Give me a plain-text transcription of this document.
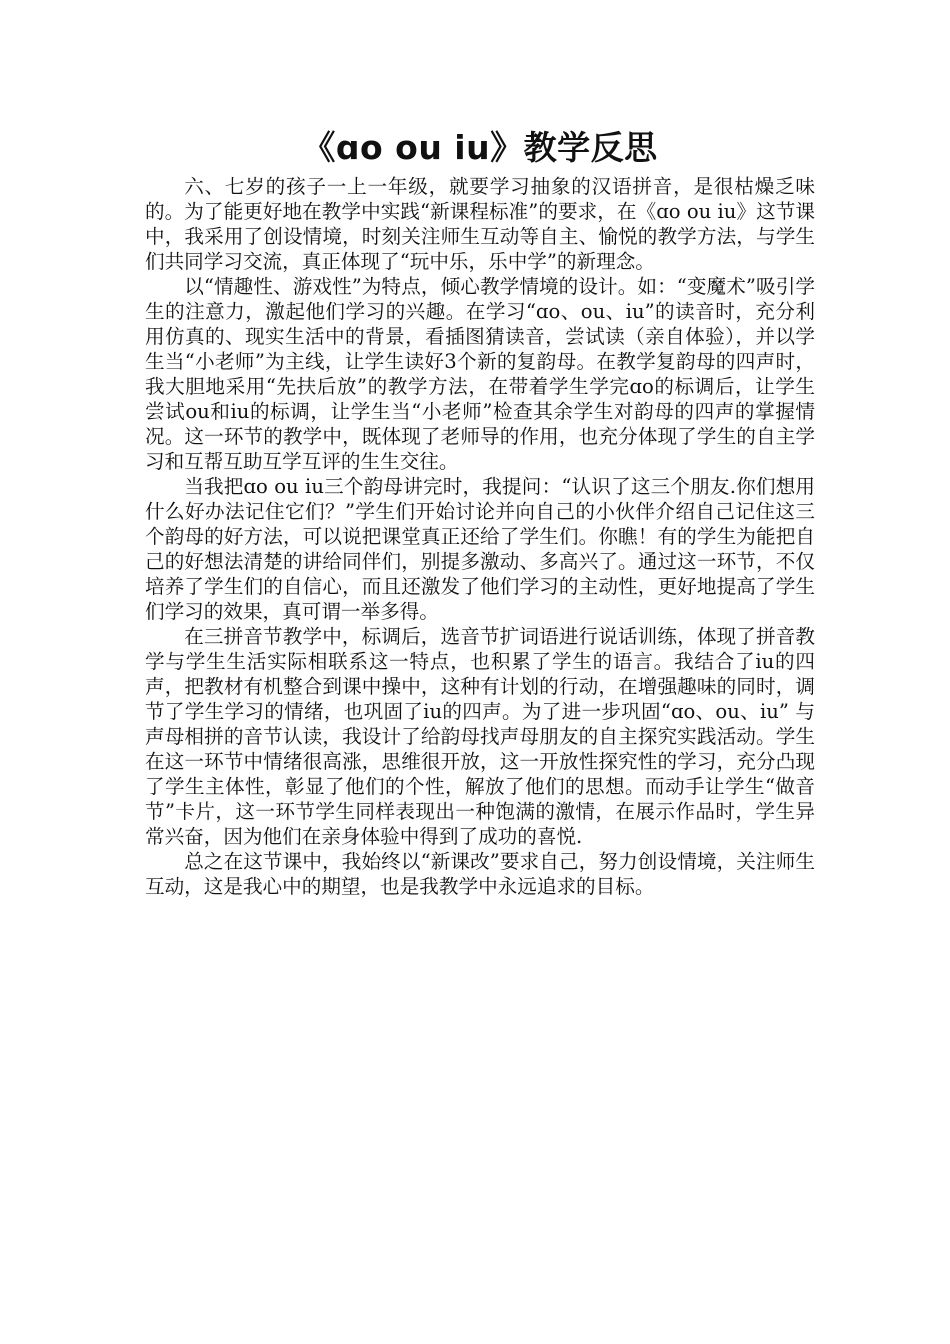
《ɑo ou iu》教学反思

六、七岁的孩子一上一年级，就要学习抽象的汉语拼音，是很枯燥乏味的。为了能更好地在教学中实践“新课程标准”的要求，在《ɑo ou iu》这节课中，我采用了创设情境，时刻关注师生互动等自主、愉悦的教学方法，与学生们共同学习交流，真正体现了“玩中乐，乐中学”的新理念。

以“情趣性、游戏性”为特点，倾心教学情境的设计。如：“变魔术”吸引学生的注意力，激起他们学习的兴趣。在学习“ɑo、ou、iu”的读音时，充分利用仿真的、现实生活中的背景，看插图猜读音，尝试读（亲自体验），并以学生当“小老师”为主线，让学生读好3个新的复韵母。在教学复韵母的四声时，我大胆地采用“先扶后放”的教学方法，在带着学生学完ɑo的标调后，让学生尝试ou和iu的标调，让学生当“小老师”检查其余学生对韵母的四声的掌握情况。这一环节的教学中，既体现了老师导的作用，也充分体现了学生的自主学习和互帮互助互学互评的生生交往。

当我把ɑo ou iu三个韵母讲完时，我提问：“认识了这三个朋友.你们想用什么好办法记住它们？”学生们开始讨论并向自己的小伙伴介绍自己记住这三个韵母的好方法，可以说把课堂真正还给了学生们。你瞧！有的学生为能把自己的好想法清楚的讲给同伴们，别提多激动、多高兴了。通过这一环节，不仅培养了学生们的自信心，而且还激发了他们学习的主动性，更好地提高了学生们学习的效果，真可谓一举多得。

在三拼音节教学中，标调后，选音节扩词语进行说话训练，体现了拼音教学与学生生活实际相联系这一特点，也积累了学生的语言。我结合了iu的四声，把教材有机整合到课中操中，这种有计划的行动，在增强趣味的同时，调节了学生学习的情绪，也巩固了iu的四声。为了进一步巩固“ɑo、ou、iu” 与声母相拼的音节认读，我设计了给韵母找声母朋友的自主探究实践活动。学生在这一环节中情绪很高涨，思维很开放，这一开放性探究性的学习，充分凸现了学生主体性，彰显了他们的个性，解放了他们的思想。而动手让学生“做音节”卡片，这一环节学生同样表现出一种饱满的激情，在展示作品时，学生异常兴奋，因为他们在亲身体验中得到了成功的喜悦.

总之在这节课中，我始终以“新课改”要求自己，努力创设情境，关注师生互动，这是我心中的期望，也是我教学中永远追求的目标。
